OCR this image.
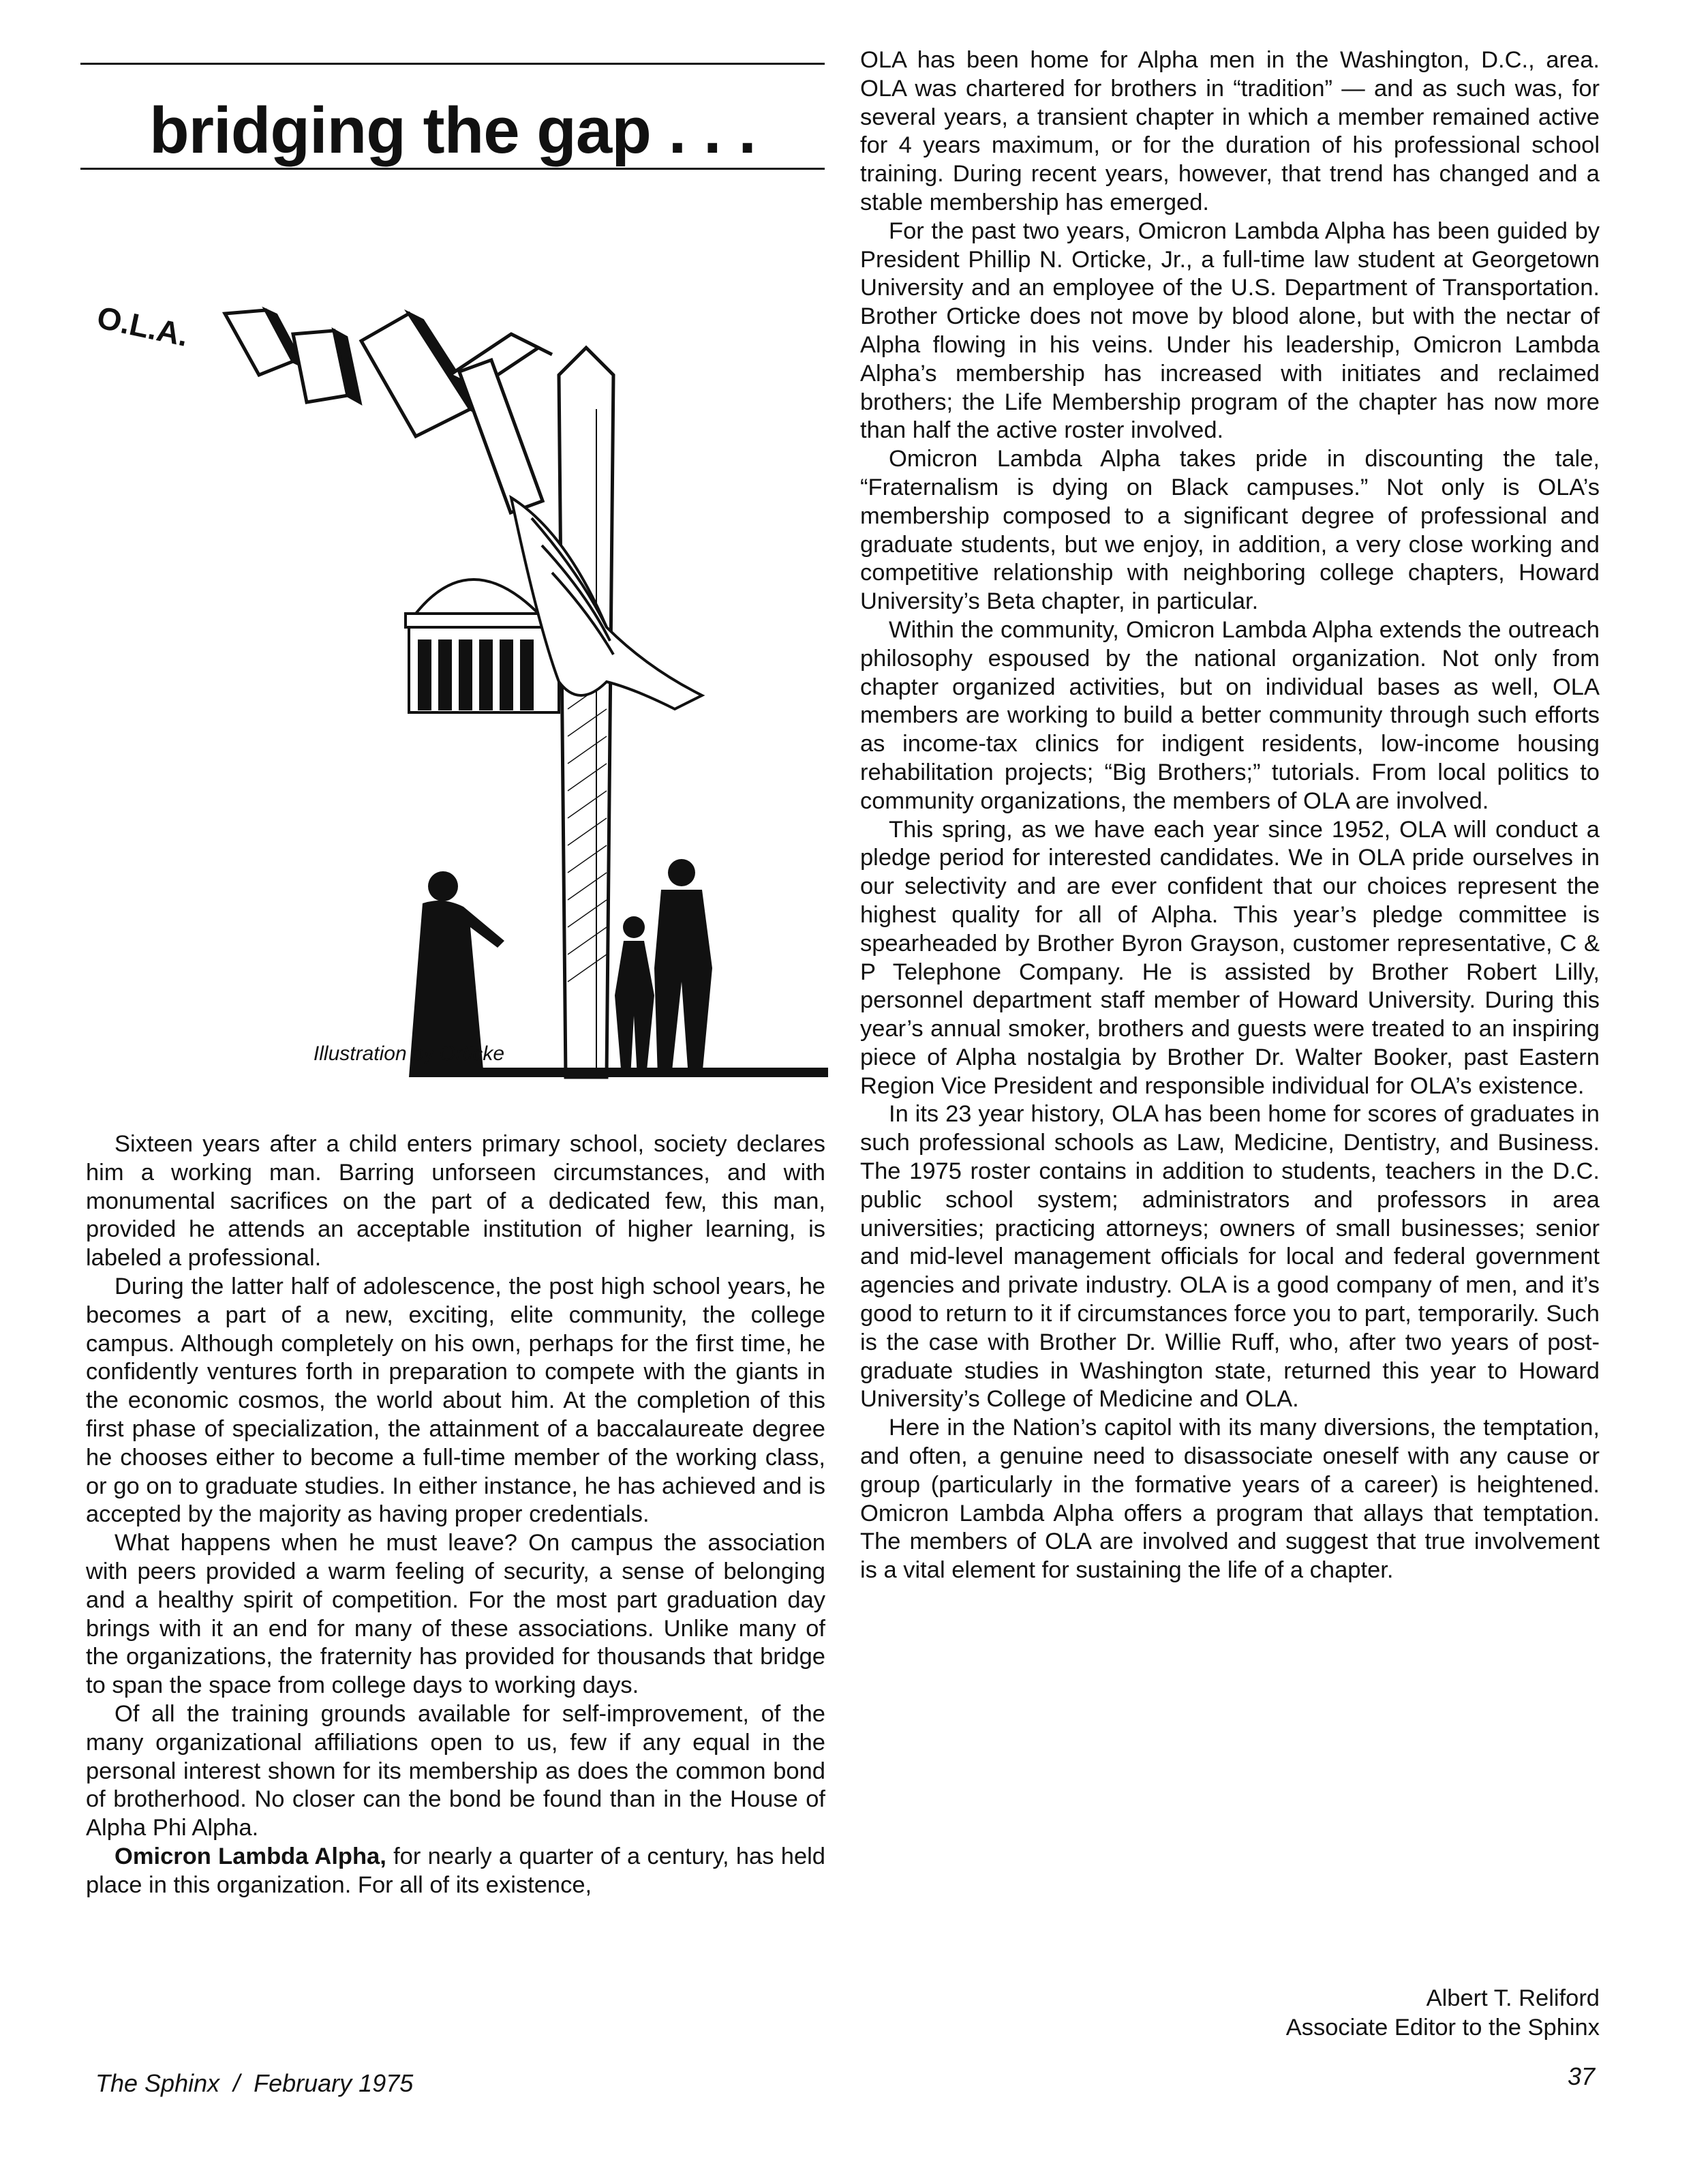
bridging the gap . . .
O.L.A.
Illustration by Orticke

Sixteen years after a child enters primary school, society declares him a working man. Barring unforseen circumstances, and with monumental sacrifices on the part of a dedicated few, this man, provided he attends an acceptable institution of higher learning, is labeled a professional.

During the latter half of adolescence, the post high school years, he becomes a part of a new, exciting, elite community, the college campus. Although completely on his own, perhaps for the first time, he confidently ventures forth in preparation to compete with the giants in the economic cosmos, the world about him. At the completion of this first phase of specialization, the attainment of a baccalaureate degree he chooses either to become a full-time member of the working class, or go on to graduate studies. In either instance, he has achieved and is accepted by the majority as having proper credentials.

What happens when he must leave? On campus the association with peers provided a warm feeling of security, a sense of belonging and a healthy spirit of competition. For the most part graduation day brings with it an end for many of these associations. Unlike many of the organizations, the fraternity has provided for thousands that bridge to span the space from college days to working days.

Of all the training grounds available for self-improvement, of the many organizational affiliations open to us, few if any equal in the personal interest shown for its membership as does the common bond of brotherhood. No closer can the bond be found than in the House of Alpha Phi Alpha.

Omicron Lambda Alpha, for nearly a quarter of a century, has held place in this organization. For all of its existence,

OLA has been home for Alpha men in the Washington, D.C., area. OLA was chartered for brothers in “tradition” — and as such was, for several years, a transient chapter in which a member remained active for 4 years maximum, or for the duration of his professional school training. During recent years, however, that trend has changed and a stable membership has emerged.

For the past two years, Omicron Lambda Alpha has been guided by President Phillip N. Orticke, Jr., a full-time law student at Georgetown University and an employee of the U.S. Department of Transportation. Brother Orticke does not move by blood alone, but with the nectar of Alpha flowing in his veins. Under his leadership, Omicron Lambda Alpha’s membership has increased with initiates and reclaimed brothers; the Life Membership program of the chapter has now more than half the active roster involved.

Omicron Lambda Alpha takes pride in discounting the tale, “Fraternalism is dying on Black campuses.” Not only is OLA’s membership composed to a significant degree of professional and graduate students, but we enjoy, in addition, a very close working and competitive relationship with neighboring college chapters, Howard University’s Beta chapter, in particular.

Within the community, Omicron Lambda Alpha extends the outreach philosophy espoused by the national organization. Not only from chapter organized activities, but on individual bases as well, OLA members are working to build a better community through such efforts as income-tax clinics for indigent residents, low-income housing rehabilitation projects; “Big Brothers;” tutorials. From local politics to community organizations, the members of OLA are involved.

This spring, as we have each year since 1952, OLA will conduct a pledge period for interested candidates. We in OLA pride ourselves in our selectivity and are ever confident that our choices represent the highest quality for all of Alpha. This year’s pledge committee is spearheaded by Brother Byron Grayson, customer representative, C & P Telephone Company. He is assisted by Brother Robert Lilly, personnel department staff member of Howard University. During this year’s annual smoker, brothers and guests were treated to an inspiring piece of Alpha nostalgia by Brother Dr. Walter Booker, past Eastern Region Vice President and responsible individual for OLA’s existence.

In its 23 year history, OLA has been home for scores of graduates in such professional schools as Law, Medicine, Dentistry, and Business. The 1975 roster contains in addition to students, teachers in the D.C. public school system; administrators and professors in area universities; practicing attorneys; owners of small businesses; senior and mid-level management officials for local and federal government agencies and private industry. OLA is a good company of men, and it’s good to return to it if circumstances force you to part, temporarily. Such is the case with Brother Dr. Willie Ruff, who, after two years of post-graduate studies in Washington state, returned this year to Howard University’s College of Medicine and OLA.

Here in the Nation’s capitol with its many diversions, the temptation, and often, a genuine need to disassociate oneself with any cause or group (particularly in the formative years of a career) is heightened. Omicron Lambda Alpha offers a program that allays that temptation. The members of OLA are involved and suggest that true involvement is a vital element for sustaining the life of a chapter.

Albert T. Reliford
Associate Editor to the Sphinx
The Sphinx  /  February 1975	37
